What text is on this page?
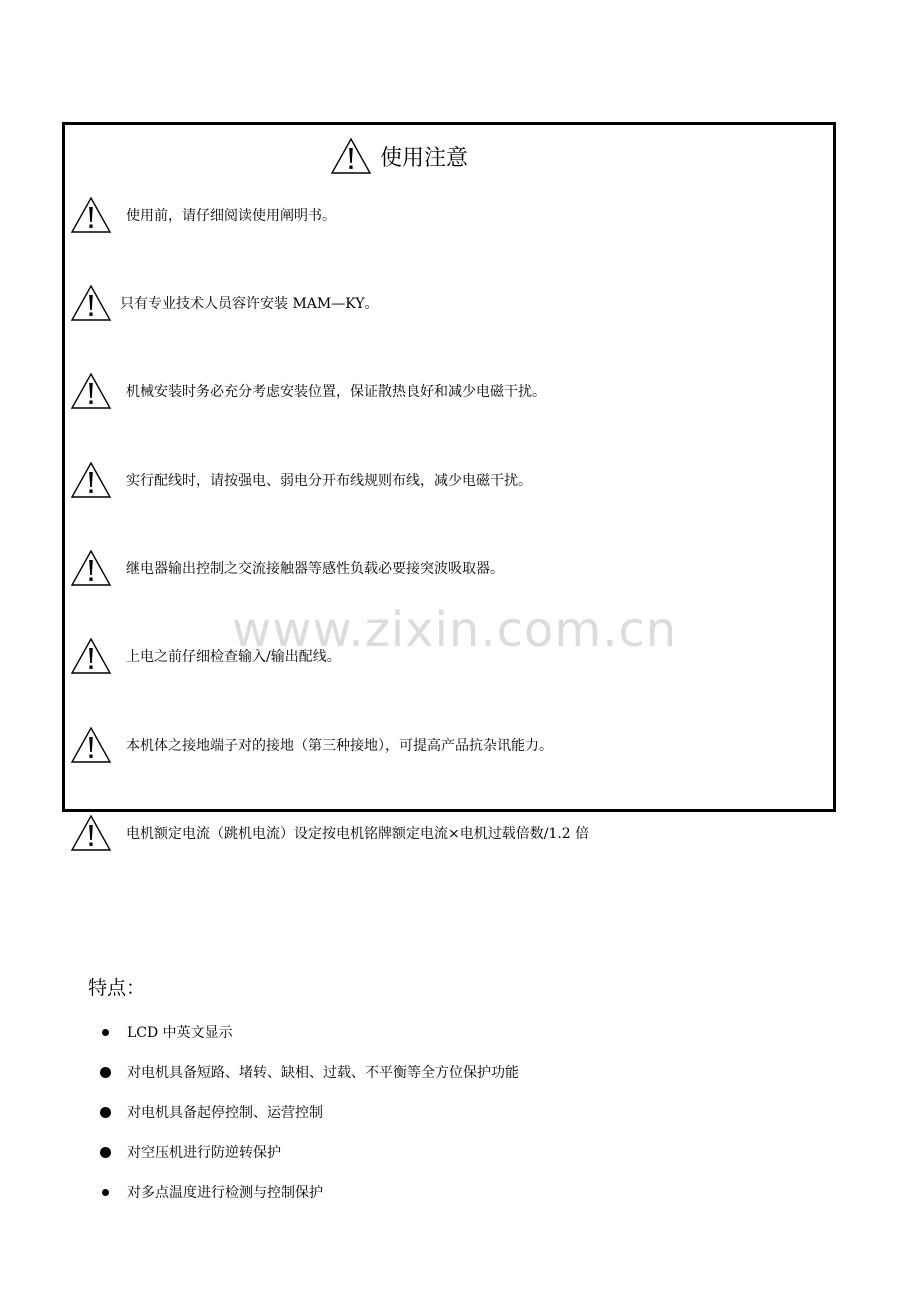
www.zixin.com.cn
使用注意
使用前，请仔细阅读使用阐明书。
只有专业技术人员容许安装 MAM—KY。
机械安装时务必充分考虑安装位置，保证散热良好和减少电磁干扰。
实行配线时，请按强电、弱电分开布线规则布线，减少电磁干扰。
继电器输出控制之交流接触器等感性负载必要接突波吸取器。
上电之前仔细检查输入/输出配线。
本机体之接地端子对的接地（第三种接地），可提高产品抗杂讯能力。
电机额定电流（跳机电流）设定按电机铭牌额定电流×电机过载倍数/1.2 倍
特点：
LCD 中英文显示
对电机具备短路、堵转、缺相、过载、不平衡等全方位保护功能
对电机具备起停控制、运营控制
对空压机进行防逆转保护
对多点温度进行检测与控制保护
